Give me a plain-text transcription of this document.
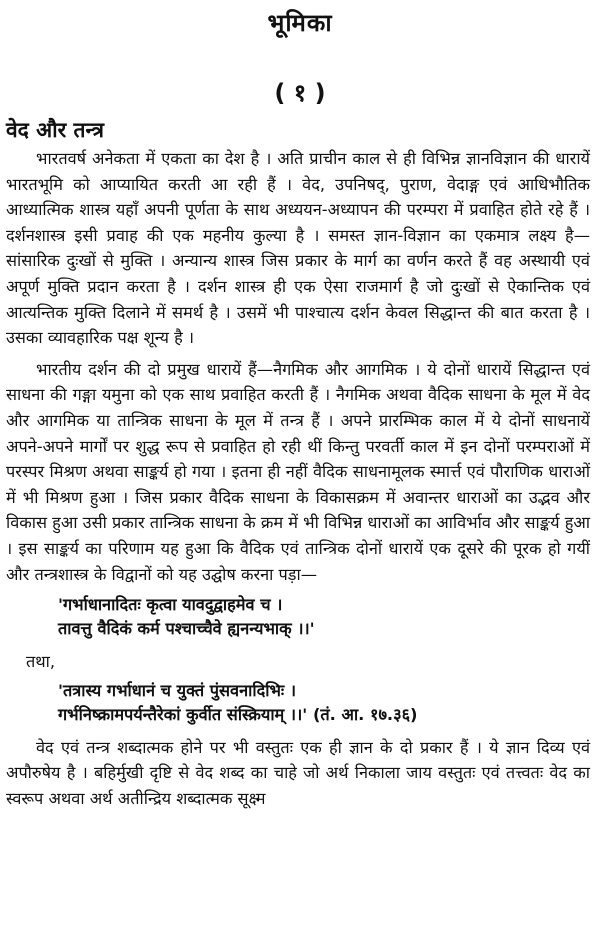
भूमिका
( १ )
वेद और तन्त्र

भारतवर्ष अनेकता में एकता का देश है । अति प्राचीन काल से ही विभिन्न ज्ञानविज्ञान की धारायें भारतभूमि को आप्यायित करती आ रही हैं । वेद, उपनिषद्, पुराण, वेदाङ्ग एवं आधिभौतिक आध्यात्मिक शास्त्र यहाँ अपनी पूर्णता के साथ अध्ययन-अध्यापन की परम्परा में प्रवाहित होते रहे हैं । दर्शनशास्त्र इसी प्रवाह की एक महनीय कुल्या है । समस्त ज्ञान-विज्ञान का एकमात्र लक्ष्य है—सांसारिक दुःखों से मुक्ति । अन्यान्य शास्त्र जिस प्रकार के मार्ग का वर्णन करते हैं वह अस्थायी एवं अपूर्ण मुक्ति प्रदान करता है । दर्शन शास्त्र ही एक ऐसा राजमार्ग है जो दुःखों से ऐकान्तिक एवं आत्यन्तिक मुक्ति दिलाने में समर्थ है । उसमें भी पाश्चात्य दर्शन केवल सिद्धान्त की बात करता है । उसका व्यावहारिक पक्ष शून्य है ।

भारतीय दर्शन की दो प्रमुख धारायें हैं—नैगमिक और आगमिक । ये दोनों धारायें सिद्धान्त एवं साधना की गङ्गा यमुना को एक साथ प्रवाहित करती हैं । नैगमिक अथवा वैदिक साधना के मूल में वेद और आगमिक या तान्त्रिक साधना के मूल में तन्त्र हैं । अपने प्रारम्भिक काल में ये दोनों साधनायें अपने-अपने मार्गों पर शुद्ध रूप से प्रवाहित हो रही थीं किन्तु परवर्ती काल में इन दोनों परम्पराओं में परस्पर मिश्रण अथवा साङ्कर्य हो गया । इतना ही नहीं वैदिक साधनामूलक स्मार्त्त एवं पौराणिक धाराओं में भी मिश्रण हुआ । जिस प्रकार वैदिक साधना के विकासक्रम में अवान्तर धाराओं का उद्भव और विकास हुआ उसी प्रकार तान्त्रिक साधना के क्रम में भी विभिन्न धाराओं का आविर्भाव और साङ्कर्य हुआ । इस साङ्कर्य का परिणाम यह हुआ कि वैदिक एवं तान्त्रिक दोनों धारायें एक दूसरे की पूरक हो गयीं और तन्त्रशास्त्र के विद्वानों को यह उद्घोष करना पड़ा—

'गर्भाधानादितः कृत्वा यावदुद्वाहमेव च ।
तावत्तु वैदिकं कर्म पश्चाच्चैवे ह्यनन्यभाक् ।।'

तथा,

'तत्रास्य गर्भाधानं च युक्तं पुंसवनादिभिः ।
गर्भनिष्क्रामपर्यन्तैरेकां कुर्वीत संस्क्रियाम् ।।' (तं. आ. १७.३६)

वेद एवं तन्त्र शब्दात्मक होने पर भी वस्तुतः एक ही ज्ञान के दो प्रकार हैं । ये ज्ञान दिव्य एवं अपौरुषेय है । बहिर्मुखी दृष्टि से वेद शब्द का चाहे जो अर्थ निकाला जाय वस्तुतः एवं तत्त्वतः वेद का स्वरूप अथवा अर्थ अतीन्द्रिय शब्दात्मक सूक्ष्म
